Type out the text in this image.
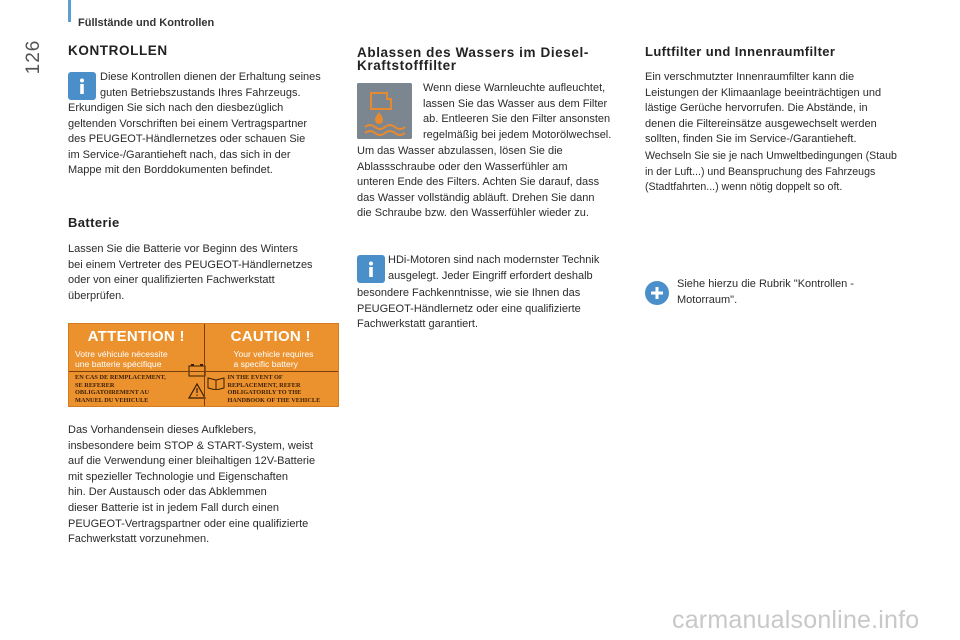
Füllstände und Kontrollen
126 KONTROLLEN
Diese Kontrollen dienen der Erhaltung seines
guten Betriebszustands Ihres Fahrzeugs.
Erkundigen Sie sich nach den diesbezüglich
geltenden Vorschriften bei einem Vertragspartner
des PEUGEOT-Händlernetzes oder schauen Sie
im Service-/Garantieheft nach, das sich in der
Mappe mit den Borddokumenten befindet.
Batterie
Lassen Sie die Batterie vor Beginn des Winters
bei einem Vertreter des PEUGEOT-Händlernetzes
oder von einer qualifizierten Fachwerkstatt
überprüfen.
ATTENTION !
Votre véhicule nécessite
une batterie spécifique
EN CAS DE REMPLACEMENT,
SE REFERER
OBLIGATOIREMENT AU
MANUEL DU VEHICULE
CAUTION !
Your vehicle requires
a specific battery
IN THE EVENT OF
REPLACEMENT, REFER
OBLIGATORILY TO THE
HANDBOOK OF THE VEHICLE
Das Vorhandensein dieses Aufklebers,
insbesondere beim STOP & START-System, weist
auf die Verwendung einer bleihaltigen 12V-Batterie
mit spezieller Technologie und Eigenschaften
hin. Der Austausch oder das Abklemmen
dieser Batterie ist in jedem Fall durch einen
PEUGEOT-Vertragspartner oder eine qualifizierte
Fachwerkstatt vorzunehmen.
Ablassen des Wassers im Diesel-
Kraftstofffilter
Wenn diese Warnleuchte aufleuchtet,
lassen Sie das Wasser aus dem Filter
ab. Entleeren Sie den Filter ansonsten
regelmäßig bei jedem Motorölwechsel.
Um das Wasser abzulassen, lösen Sie die
Ablassschraube oder den Wasserfühler am
unteren Ende des Filters. Achten Sie darauf, dass
das Wasser vollständig abläuft. Drehen Sie dann
die Schraube bzw. den Wasserfühler wieder zu.
HDi-Motoren sind nach modernster Technik
ausgelegt. Jeder Eingriff erfordert deshalb
besondere Fachkenntnisse, wie sie Ihnen das
PEUGEOT-Händlernetz oder eine qualifizierte
Fachwerkstatt garantiert.
Luftfilter und Innenraumfilter
Ein verschmutzter Innenraumfilter kann die
Leistungen der Klimaanlage beeinträchtigen und
lästige Gerüche hervorrufen. Die Abstände, in
denen die Filtereinsätze ausgewechselt werden
sollten, finden Sie im Service-/Garantieheft.
Wechseln Sie sie je nach Umweltbedingungen (Staub
in der Luft...) und Beanspruchung des Fahrzeugs
(Stadtfahrten...) wenn nötig doppelt so oft.
Siehe hierzu die Rubrik "Kontrollen -
Motorraum".
carmanualsonline.info
